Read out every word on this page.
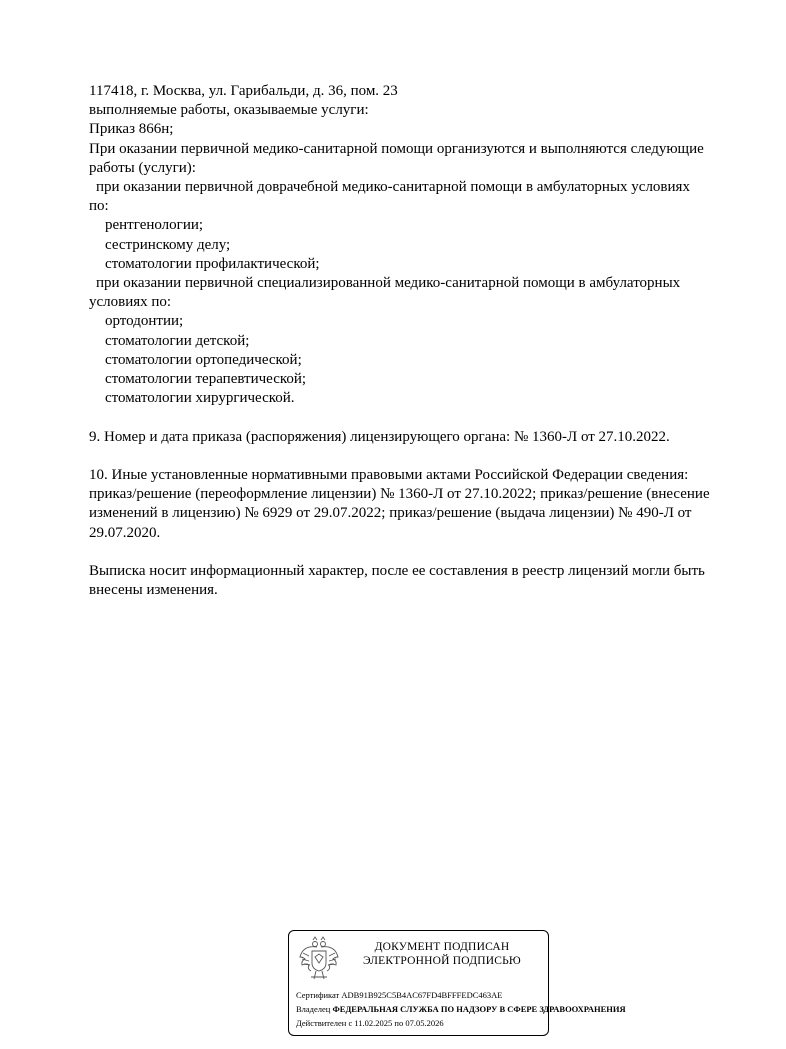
117418, г. Москва, ул. Гарибальди, д. 36, пом. 23
выполняемые работы, оказываемые услуги:
Приказ 866н;
При оказании первичной медико-санитарной помощи организуются и выполняются следующие
работы (услуги):
при оказании первичной доврачебной медико-санитарной помощи в амбулаторных условиях
по:
рентгенологии;
сестринскому делу;
стоматологии профилактической;
при оказании первичной специализированной медико-санитарной помощи в амбулаторных
условиях по:
ортодонтии;
стоматологии детской;
стоматологии ортопедической;
стоматологии терапевтической;
стоматологии хирургической.
9. Номер и дата приказа (распоряжения) лицензирующего органа: № 1360-Л от 27.10.2022.
10. Иные установленные нормативными правовыми актами Российской Федерации сведения:
приказ/решение (переоформление лицензии) № 1360-Л от 27.10.2022; приказ/решение (внесение
изменений в лицензию) № 6929 от 29.07.2022; приказ/решение (выдача лицензии) № 490-Л от
29.07.2020.
Выписка носит информационный характер, после ее составления в реестр лицензий могли быть
внесены изменения.
ДОКУМЕНТ ПОДПИСАН
ЭЛЕКТРОННОЙ ПОДПИСЬЮ
Сертификат ADB91B925C5B4AC67FD4BFFFEDC463AE
Владелец ФЕДЕРАЛЬНАЯ СЛУЖБА ПО НАДЗОРУ В СФЕРЕ ЗДРАВООХРАНЕНИЯ
Действителен с 11.02.2025 по 07.05.2026
